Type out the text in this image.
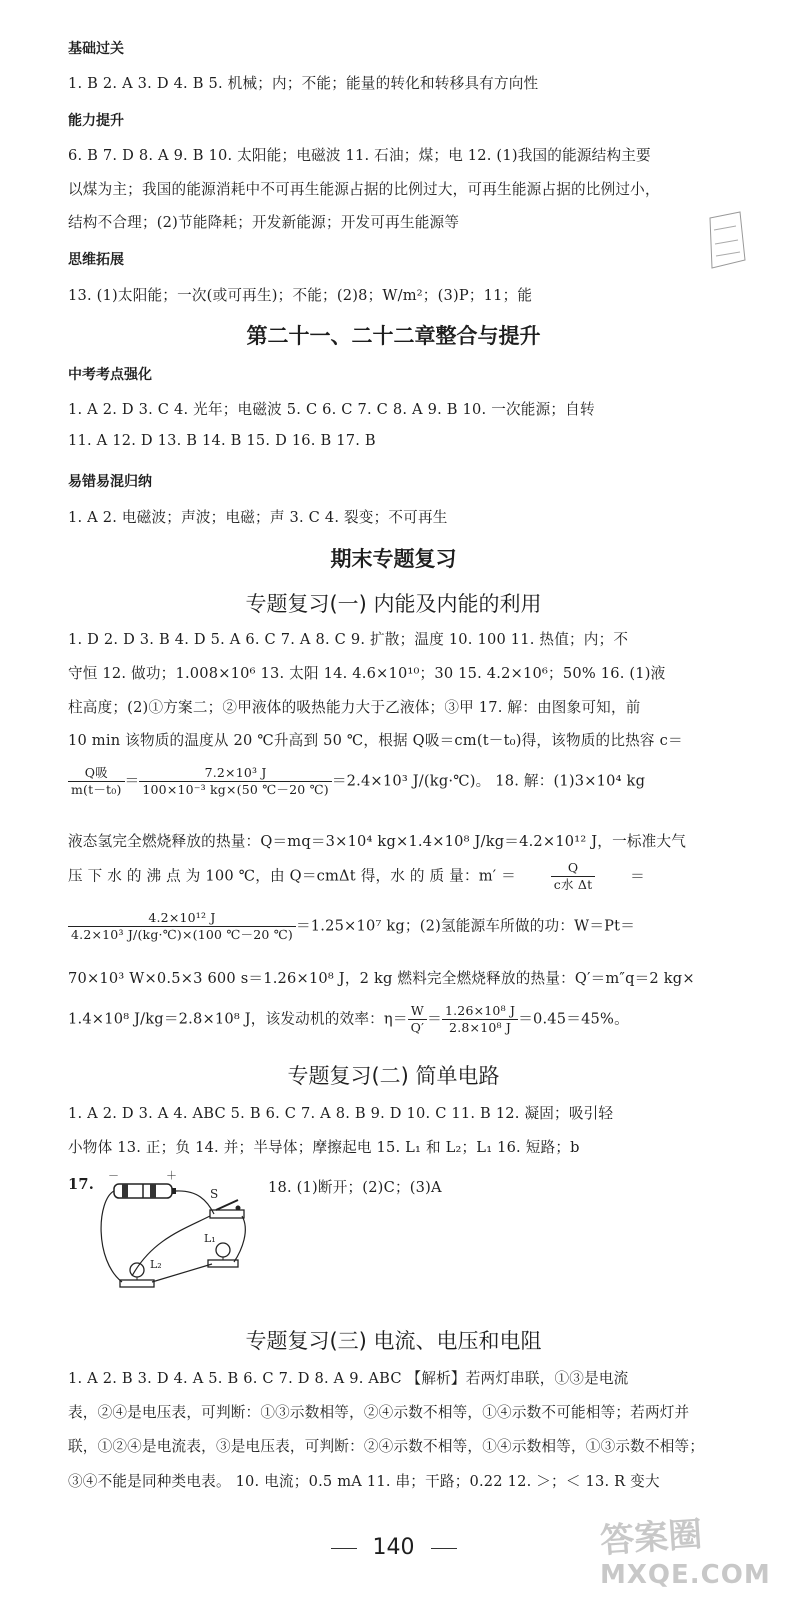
基础过关
1. B 2. A 3. D 4. B 5. 机械；内；不能；能量的转化和转移具有方向性
能力提升
6. B 7. D 8. A 9. B 10. 太阳能；电磁波 11. 石油；煤；电 12. (1)我国的能源结构主要
以煤为主；我国的能源消耗中不可再生能源占据的比例过大，可再生能源占据的比例过小，
结构不合理；(2)节能降耗；开发新能源；开发可再生能源等
思维拓展
13. (1)太阳能；一次(或可再生)；不能；(2)8；W/m²；(3)P；11；能
第二十一、二十二章整合与提升
中考考点强化
1. A 2. D 3. C 4. 光年；电磁波 5. C 6. C 7. C 8. A 9. B 10. 一次能源；自转
11. A 12. D 13. B 14. B 15. D 16. B 17. B
易错易混归纳
1. A 2. 电磁波；声波；电磁；声 3. C 4. 裂变；不可再生
期末专题复习
专题复习(一) 内能及内能的利用
1. D 2. D 3. B 4. D 5. A 6. C 7. A 8. C 9. 扩散；温度 10. 100 11. 热值；内；不
守恒 12. 做功；1.008×10⁶ 13. 太阳 14. 4.6×10¹⁰；30 15. 4.2×10⁶；50% 16. (1)液
柱高度；(2)①方案二；②甲液体的吸热能力大于乙液体；③甲 17. 解：由图象可知，前
10 min 该物质的温度从 20 ℃升高到 50 ℃，根据 Q吸＝cm(t－t₀)得，该物质的比热容 c＝
$\frac{\text{Q吸}}{\text{m(t－t₀)}} = \frac{\text{7.2×10³ J}}{\text{100×10⁻³ kg×(50 ℃－20 ℃)}} =2.4\times 10^3$ J/(kg·℃)。 18. 解：(1)3×10⁴ kg
液态氢完全燃烧释放的热量：Q＝mq＝3×10⁴ kg×1.4×10⁸ J/kg＝4.2×10¹² J，一标准大气
压 下 水 的 沸 点 为 100 ℃，由 Q＝cmΔt 得，水 的 质 量：m′ ＝	$\frac{Q}{\text{c水 Δt}}$ ＝
$\frac{\text{4.2×10¹² J}}{\text{4.2×10³ J/(kg·℃)×(100 ℃－20 ℃)}} =1.25\times 10^7$ kg；(2)氢能源车所做的功：W＝Pt＝
70×10³ W×0.5×3 600 s＝1.26×10⁸ J，2 kg 燃料完全燃烧释放的热量：Q′＝m″q＝2 kg×
1.4×10⁸ J/kg＝2.8×10⁸ J，该发动机的效率：$\eta= \frac{W}{Q'} = \frac{\text{1.26×10⁸ J}}{\text{2.8×10⁸ J}} =0.45=45\%$。
专题复习(二) 简单电路
1. A 2. D 3. A 4. ABC 5. B 6. C 7. A 8. B 9. D 10. C 11. B 12. 凝固；吸引轻
小物体 13. 正；负 14. 并；半导体；摩擦起电 15. L₁ 和 L₂；L₁ 16. 短路；b
17.	18. (1)断开；(2)C；(3)A
－	＋
S
L₁
L₂
专题复习(三) 电流、电压和电阻
1. A 2. B 3. D 4. A 5. B 6. C 7. D 8. A 9. ABC 【解析】若两灯串联，①③是电流
表，②④是电压表，可判断：①③示数相等，②④示数不相等，①④示数不可能相等；若两灯并
联，①②④是电流表，③是电压表，可判断：②④示数不相等，①④示数相等，①③示数不相等；
③④不能是同种类电表。 10. 电流；0.5 mA 11. 串；干路；0.22 12. ＞；＜ 13. R 变大
140	答案圈
MXQE.COM
